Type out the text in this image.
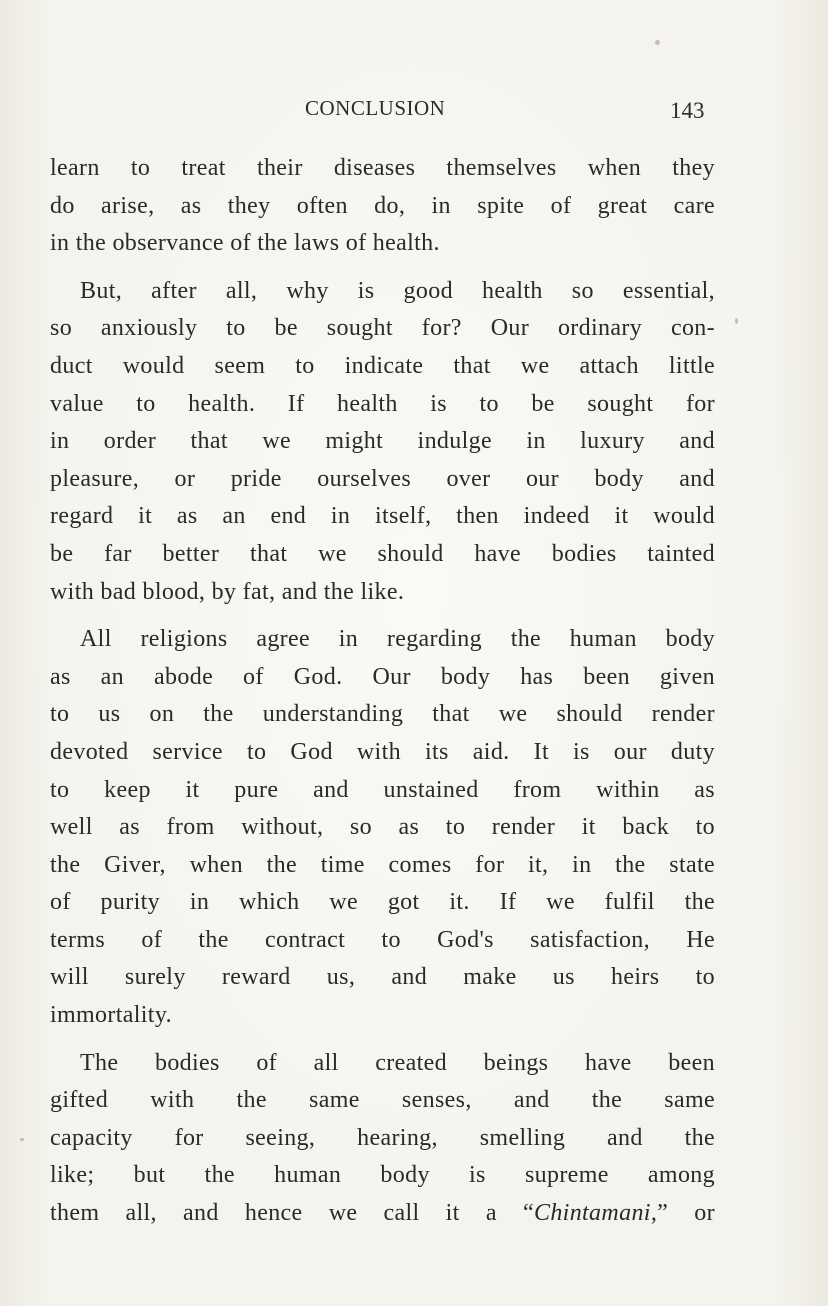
CONCLUSION	143

learn to treat their diseases themselves when they
do arise, as they often do, in spite of great care
in the observance of the laws of health.

But, after all, why is good health so essential,
so anxiously to be sought for? Our ordinary con-
duct would seem to indicate that we attach little
value to health. If health is to be sought for
in order that we might indulge in luxury and
pleasure, or pride ourselves over our body and
regard it as an end in itself, then indeed it would
be far better that we should have bodies tainted
with bad blood, by fat, and the like.

All religions agree in regarding the human body
as an abode of God. Our body has been given
to us on the understanding that we should render
devoted service to God with its aid. It is our duty
to keep it pure and unstained from within as
well as from without, so as to render it back to
the Giver, when the time comes for it, in the state
of purity in which we got it. If we fulfil the
terms of the contract to God's satisfaction, He
will surely reward us, and make us heirs to
immortality.

The bodies of all created beings have been
gifted with the same senses, and the same
capacity for seeing, hearing, smelling and the
like; but the human body is supreme among
them all, and hence we call it a “Chintamani,” or
